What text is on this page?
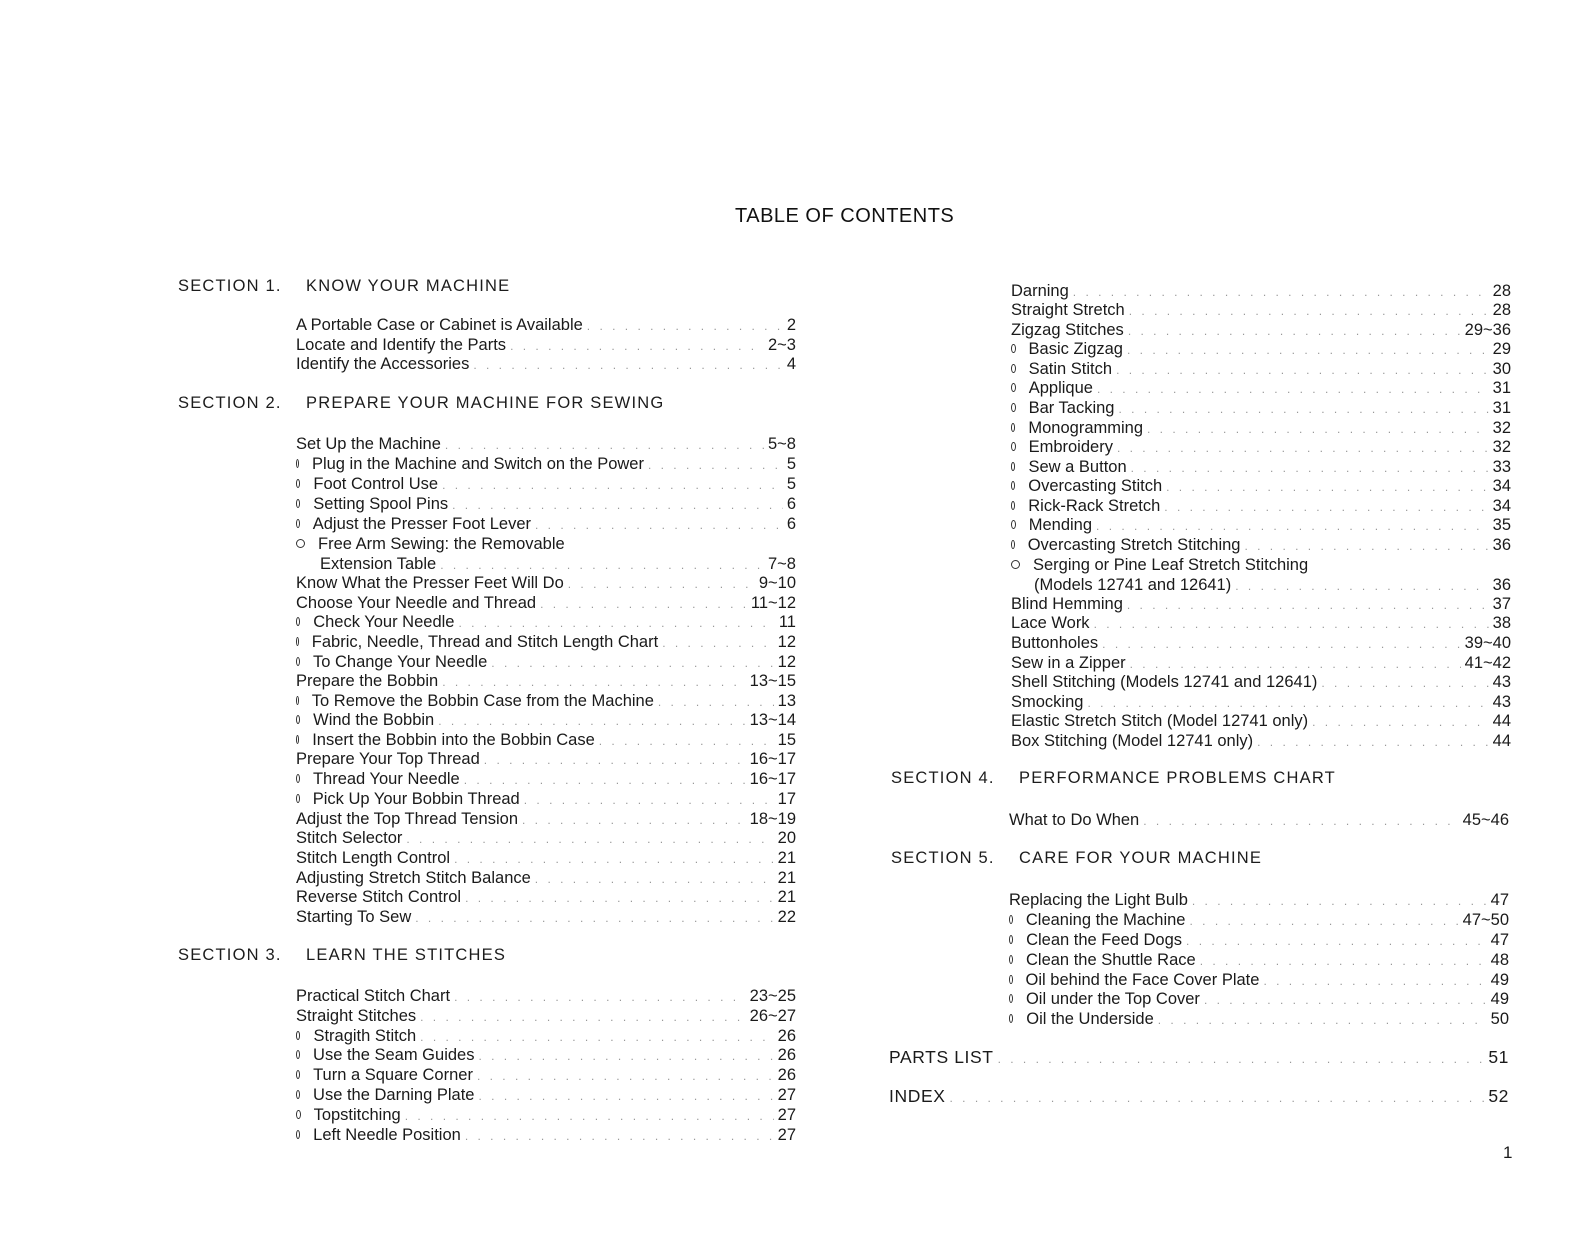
TABLE OF CONTENTS
SECTION 1. KNOW YOUR MACHINE
A Portable Case or Cabinet is Available . . .	2
Locate and Identify the Parts . . .	2~3
Identify the Accessories . . .	4
SECTION 2. PREPARE YOUR MACHINE FOR SEWING
Set Up the Machine . . .	5~8
Plug in the Machine and Switch on the Power . . .	5
Foot Control Use . . .	5
Setting Spool Pins . . .	6
Adjust the Presser Foot Lever . . .	6
Free Arm Sewing: the Removable
Extension Table . . .	7~8
Know What the Presser Feet Will Do . . .	9~10
Choose Your Needle and Thread . . .	11~12
Check Your Needle . . .	11
Fabric, Needle, Thread and Stitch Length Chart . . .	12
To Change Your Needle . . .	12
Prepare the Bobbin . . .	13~15
To Remove the Bobbin Case from the Machine . . .	13
Wind the Bobbin . . .	13~14
Insert the Bobbin into the Bobbin Case . . .	15
Prepare Your Top Thread . . .	16~17
Thread Your Needle . . .	16~17
Pick Up Your Bobbin Thread . . .	17
Adjust the Top Thread Tension . . .	18~19
Stitch Selector . . .	20
Stitch Length Control . . .	21
Adjusting Stretch Stitch Balance . . .	21
Reverse Stitch Control . . .	21
Starting To Sew . . .	22
SECTION 3. LEARN THE STITCHES
Practical Stitch Chart . . .	23~25
Straight Stitches . . .	26~27
Stragith Stitch . . .	26
Use the Seam Guides . . .	26
Turn a Square Corner . . .	26
Use the Darning Plate . . .	27
Topstitching . . .	27
Left Needle Position . . .	27
Darning . . .	28
Straight Stretch . . .	28
Zigzag Stitches . . .	29~36
Basic Zigzag . . .	29
Satin Stitch . . .	30
Applique . . .	31
Bar Tacking . . .	31
Monogramming . . .	32
Embroidery . . .	32
Sew a Button . . .	33
Overcasting Stitch . . .	34
Rick-Rack Stretch . . .	34
Mending . . .	35
Overcasting Stretch Stitching . . .	36
Serging or Pine Leaf Stretch Stitching
(Models 12741 and 12641) . . .	36
Blind Hemming . . .	37
Lace Work . . .	38
Buttonholes . . .	39~40
Sew in a Zipper . . .	41~42
Shell Stitching (Models 12741 and 12641) . . .	43
Smocking . . .	43
Elastic Stretch Stitch (Model 12741 only) . . .	44
Box Stitching (Model 12741 only) . . .	44
SECTION 4. PERFORMANCE PROBLEMS CHART
What to Do When . . .	45~46
SECTION 5. CARE FOR YOUR MACHINE
Replacing the Light Bulb . . .	47
Cleaning the Machine . . .	47~50
Clean the Feed Dogs . . .	47
Clean the Shuttle Race . . .	48
Oil behind the Face Cover Plate . . .	49
Oil under the Top Cover . . .	49
Oil the Underside . . .	50
PARTS LIST . . .	51
INDEX . . .	52
1
